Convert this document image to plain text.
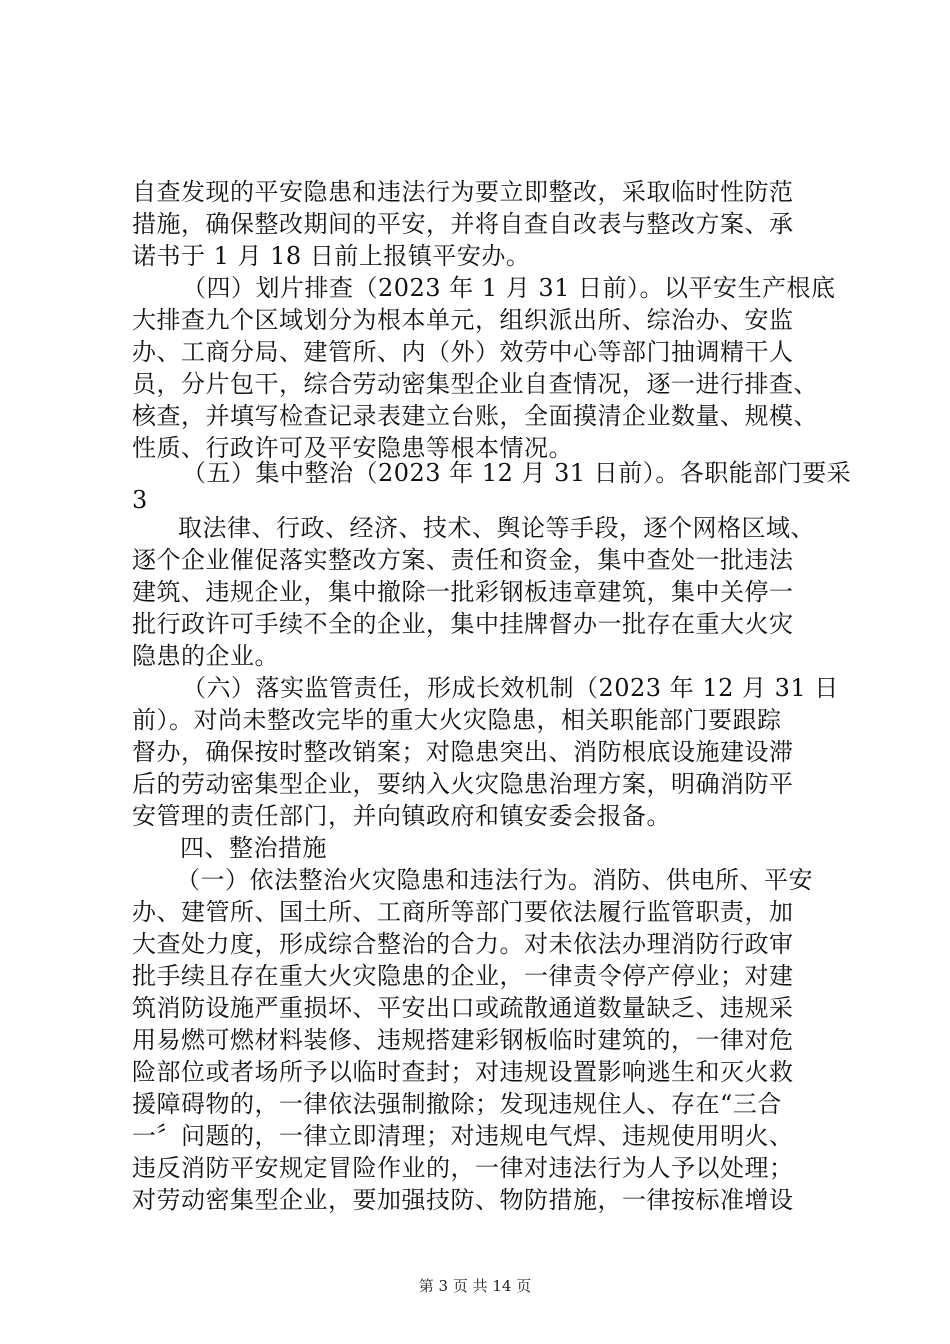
自查发现的平安隐患和违法行为要立即整改，采取临时性防范
措施，确保整改期间的平安，并将自查自改表与整改方案、承
诺书于 1 月 18 日前上报镇平安办。
（四）划片排查（2023 年 1 月 31 日前）。以平安生产根底
大排查九个区域划分为根本单元，组织派出所、综治办、安监
办、工商分局、建管所、内（外）效劳中心等部门抽调精干人
员，分片包干，综合劳动密集型企业自查情况，逐一进行排查、
核查，并填写检查记录表建立台账，全面摸清企业数量、规模、
性质、行政许可及平安隐患等根本情况。
（五）集中整治（2023 年 12 月 31 日前）。各职能部门要采
3
取法律、行政、经济、技术、舆论等手段，逐个网格区域、
逐个企业催促落实整改方案、责任和资金，集中查处一批违法
建筑、违规企业，集中撤除一批彩钢板违章建筑，集中关停一
批行政许可手续不全的企业，集中挂牌督办一批存在重大火灾
隐患的企业。
（六）落实监管责任，形成长效机制（2023 年 12 月 31 日
前）。对尚未整改完毕的重大火灾隐患，相关职能部门要跟踪
督办，确保按时整改销案；对隐患突出、消防根底设施建设滞
后的劳动密集型企业，要纳入火灾隐患治理方案，明确消防平
安管理的责任部门，并向镇政府和镇安委会报备。
四、整治措施
（一）依法整治火灾隐患和违法行为。消防、供电所、平安
办、建管所、国土所、工商所等部门要依法履行监管职责，加
大查处力度，形成综合整治的合力。对未依法办理消防行政审
批手续且存在重大火灾隐患的企业，一律责令停产停业；对建
筑消防设施严重损坏、平安出口或疏散通道数量缺乏、违规采
用易燃可燃材料装修、违规搭建彩钢板临时建筑的，一律对危
险部位或者场所予以临时查封；对违规设置影响逃生和灭火救
援障碍物的，一律依法强制撤除；发现违规住人、存在“三合
一〞问题的，一律立即清理；对违规电气焊、违规使用明火、
违反消防平安规定冒险作业的，一律对违法行为人予以处理；
对劳动密集型企业，要加强技防、物防措施，一律按标准增设
第 3 页 共 14 页
